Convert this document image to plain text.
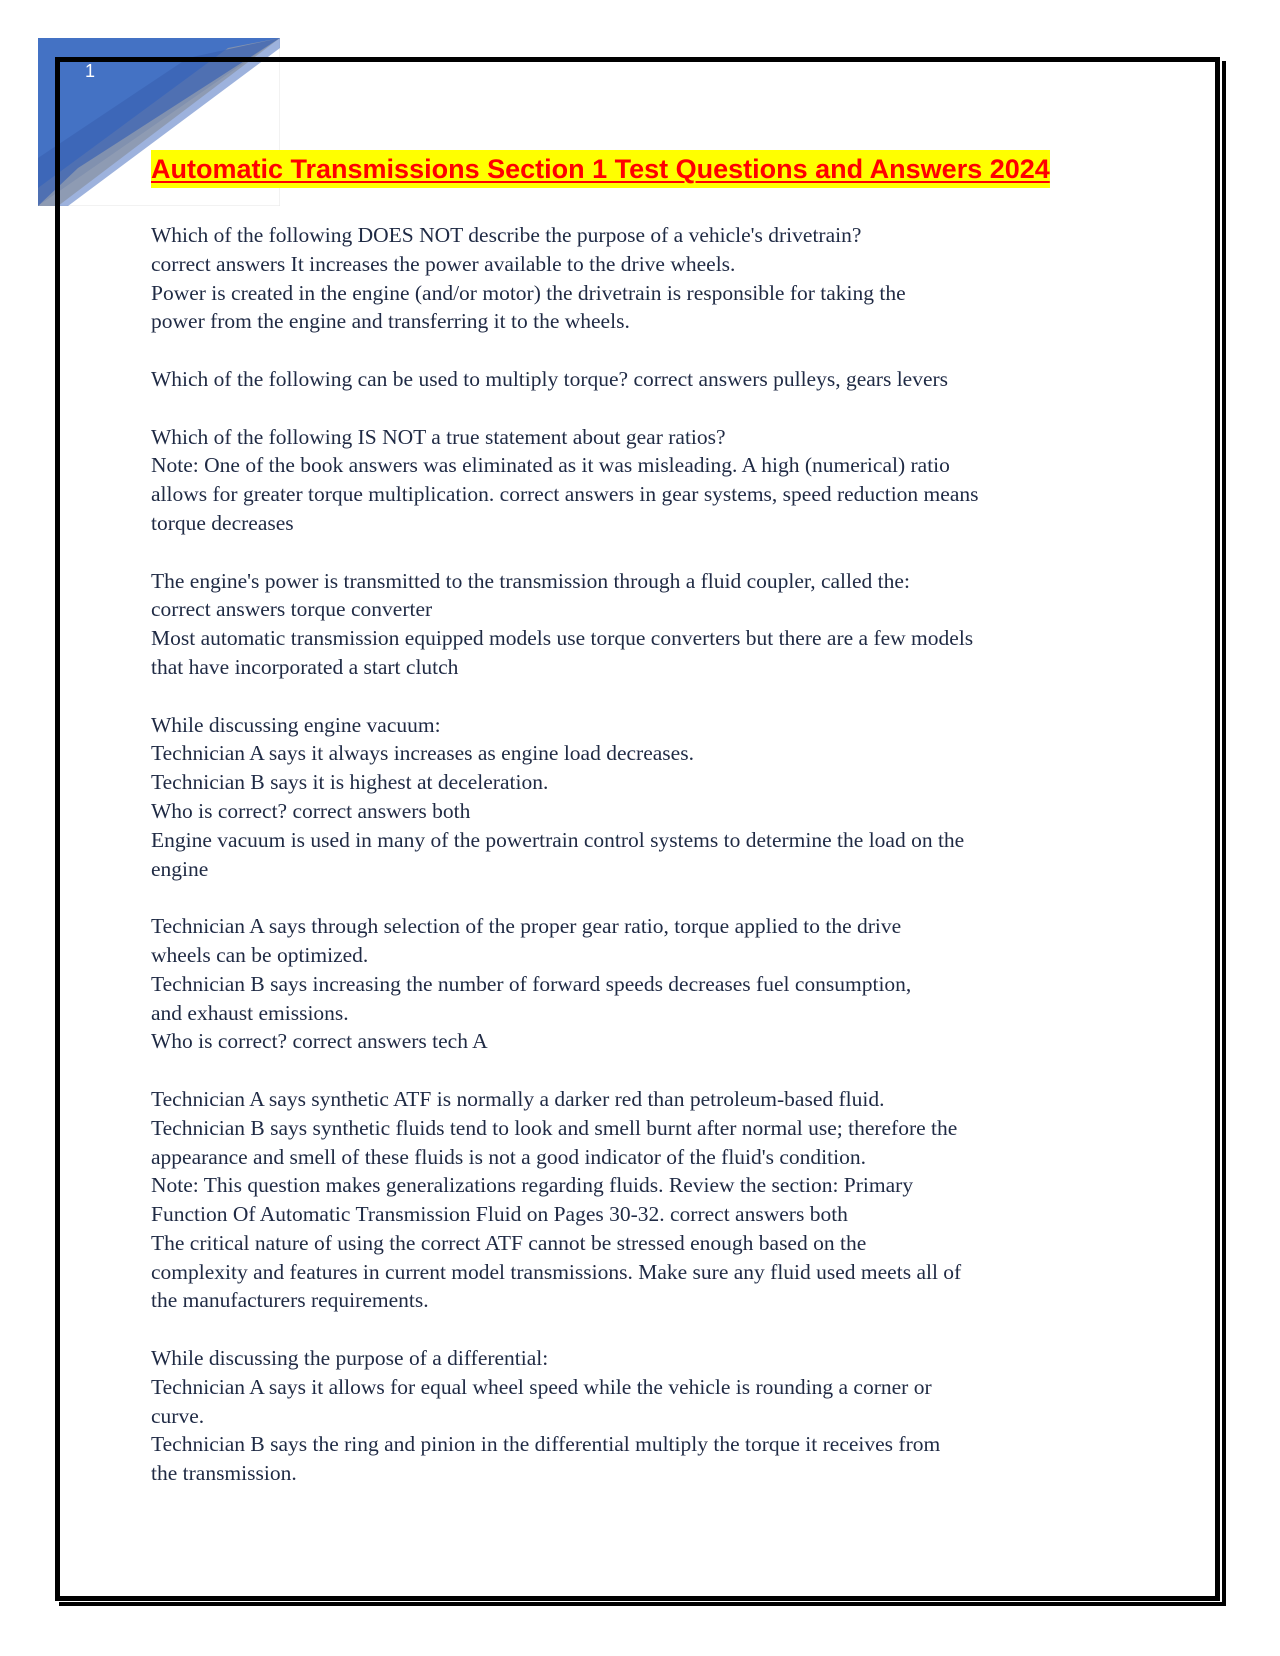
1
Automatic Transmissions Section 1 Test Questions and Answers 2024

Which of the following DOES NOT describe the purpose of a vehicle's drivetrain?
correct answers It increases the power available to the drive wheels.
Power is created in the engine (and/or motor) the drivetrain is responsible for taking the
power from the engine and transferring it to the wheels.

Which of the following can be used to multiply torque? correct answers pulleys, gears levers

Which of the following IS NOT a true statement about gear ratios?
Note: One of the book answers was eliminated as it was misleading. A high (numerical) ratio
allows for greater torque multiplication. correct answers in gear systems, speed reduction means
torque decreases

The engine's power is transmitted to the transmission through a fluid coupler, called the:
correct answers torque converter
Most automatic transmission equipped models use torque converters but there are a few models
that have incorporated a start clutch

While discussing engine vacuum:
Technician A says it always increases as engine load decreases.
Technician B says it is highest at deceleration.
Who is correct? correct answers both
Engine vacuum is used in many of the powertrain control systems to determine the load on the
engine

Technician A says through selection of the proper gear ratio, torque applied to the drive
wheels can be optimized.
Technician B says increasing the number of forward speeds decreases fuel consumption,
and exhaust emissions.
Who is correct? correct answers tech A

Technician A says synthetic ATF is normally a darker red than petroleum-based fluid.
Technician B says synthetic fluids tend to look and smell burnt after normal use; therefore the
appearance and smell of these fluids is not a good indicator of the fluid's condition.
Note: This question makes generalizations regarding fluids. Review the section: Primary
Function Of Automatic Transmission Fluid on Pages 30-32. correct answers both
The critical nature of using the correct ATF cannot be stressed enough based on the
complexity and features in current model transmissions. Make sure any fluid used meets all of
the manufacturers requirements.

While discussing the purpose of a differential:
Technician A says it allows for equal wheel speed while the vehicle is rounding a corner or
curve.
Technician B says the ring and pinion in the differential multiply the torque it receives from
the transmission.
